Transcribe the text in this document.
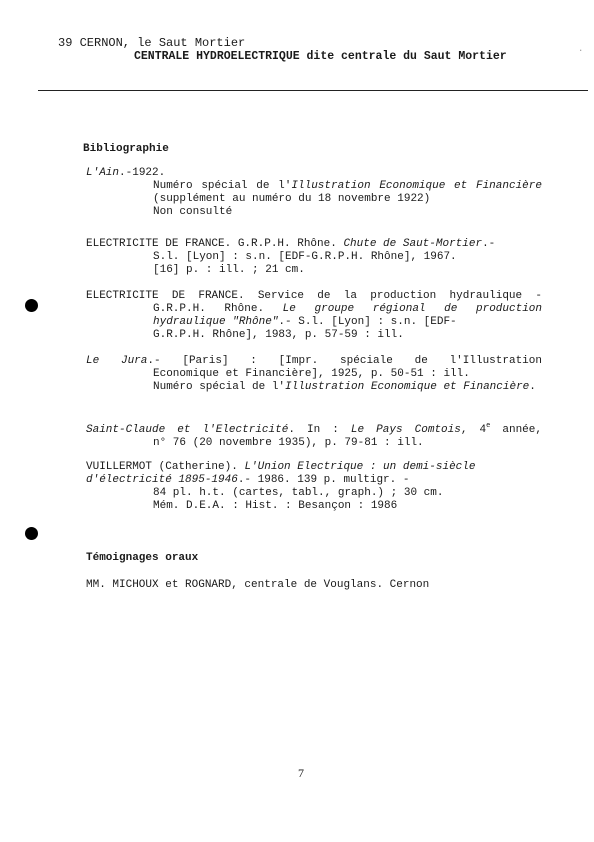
39 CERNON, le Saut Mortier
CENTRALE HYDROELECTRIQUE dite centrale du Saut Mortier
.
Bibliographie

L'Ain.-1922.

Numéro spécial de l'Illustration Economique et Financière (supplément au numéro du 18 novembre 1922)

Non consulté

ELECTRICITE DE FRANCE. G.R.P.H. Rhône. Chute de Saut-Mortier.-

S.l. [Lyon] : s.n. [EDF-G.R.P.H. Rhône], 1967.

[16] p. : ill. ; 21 cm.

ELECTRICITE DE FRANCE. Service de la production hydraulique -

G.R.P.H. Rhône. Le groupe régional de production hydraulique "Rhône".- S.l. [Lyon] : s.n. [EDF-

G.R.P.H. Rhône], 1983, p. 57-59 : ill.

Le Jura.- [Paris] : [Impr. spéciale de l'Illustration

Economique et Financière], 1925, p. 50-51 : ill.

Numéro spécial de l'Illustration Economique et Financière.

Saint-Claude et l'Electricité. In : Le Pays Comtois, 4e année,

n° 76 (20 novembre 1935), p. 79-81 : ill.

VUILLERMOT (Catherine). L'Union Electrique : un demi-siècle d'électricité 1895-1946.- 1986. 139 p. multigr. -

84 pl. h.t. (cartes, tabl., graph.) ; 30 cm.

Mém. D.E.A. : Hist. : Besançon : 1986

Témoignages oraux

MM. MICHOUX et ROGNARD, centrale de Vouglans. Cernon

7
